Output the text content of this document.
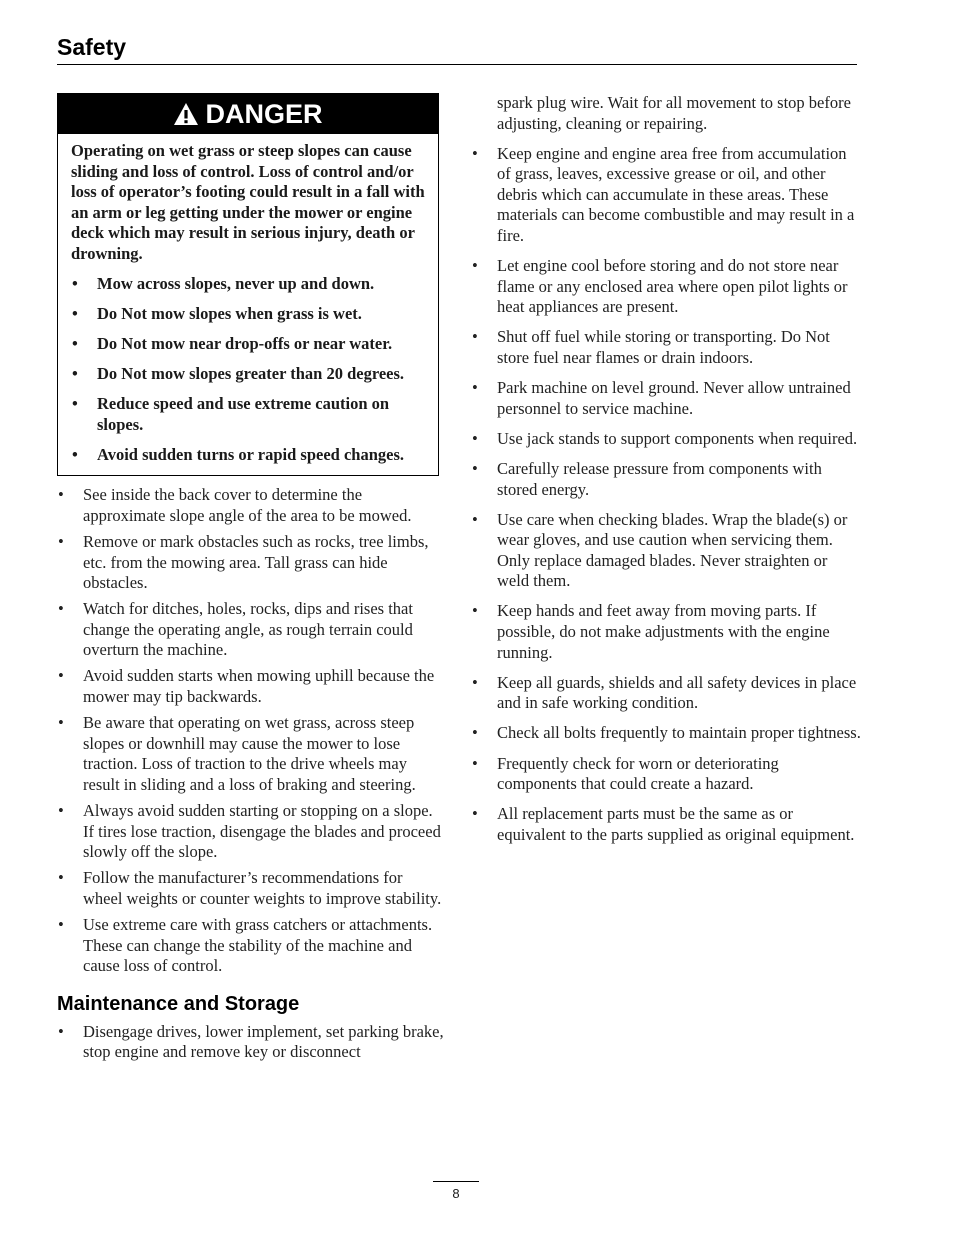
Safety
DANGER

Operating on wet grass or steep slopes can cause sliding and loss of control. Loss of control and/or loss of operator’s footing could result in a fall with an arm or leg getting under the mower or engine deck which may result in serious injury, death or drowning.

• Mow across slopes, never up and down.
• Do Not mow slopes when grass is wet.
• Do Not mow near drop-offs or near water.
• Do Not mow slopes greater than 20 degrees.
• Reduce speed and use extreme caution on slopes.
• Avoid sudden turns or rapid speed changes.
• See inside the back cover to determine the approximate slope angle of the area to be mowed.
• Remove or mark obstacles such as rocks, tree limbs, etc. from the mowing area. Tall grass can hide obstacles.
• Watch for ditches, holes, rocks, dips and rises that change the operating angle, as rough terrain could overturn the machine.
• Avoid sudden starts when mowing uphill because the mower may tip backwards.
• Be aware that operating on wet grass, across steep slopes or downhill may cause the mower to lose traction. Loss of traction to the drive wheels may result in sliding and a loss of braking and steering.
• Always avoid sudden starting or stopping on a slope. If tires lose traction, disengage the blades and proceed slowly off the slope.
• Follow the manufacturer’s recommendations for wheel weights or counter weights to improve stability.
• Use extreme care with grass catchers or attachments. These can change the stability of the machine and cause loss of control.
Maintenance and Storage
• Disengage drives, lower implement, set parking brake, stop engine and remove key or disconnect

spark plug wire. Wait for all movement to stop before adjusting, cleaning or repairing.

• Keep engine and engine area free from accumulation of grass, leaves, excessive grease or oil, and other debris which can accumulate in these areas. These materials can become combustible and may result in a fire.
• Let engine cool before storing and do not store near flame or any enclosed area where open pilot lights or heat appliances are present.
• Shut off fuel while storing or transporting. Do Not store fuel near flames or drain indoors.
• Park machine on level ground. Never allow untrained personnel to service machine.
• Use jack stands to support components when required.
• Carefully release pressure from components with stored energy.
• Use care when checking blades. Wrap the blade(s) or wear gloves, and use caution when servicing them. Only replace damaged blades. Never straighten or weld them.
• Keep hands and feet away from moving parts. If possible, do not make adjustments with the engine running.
• Keep all guards, shields and all safety devices in place and in safe working condition.
• Check all bolts frequently to maintain proper tightness.
• Frequently check for worn or deteriorating components that could create a hazard.
• All replacement parts must be the same as or equivalent to the parts supplied as original equipment.
8
